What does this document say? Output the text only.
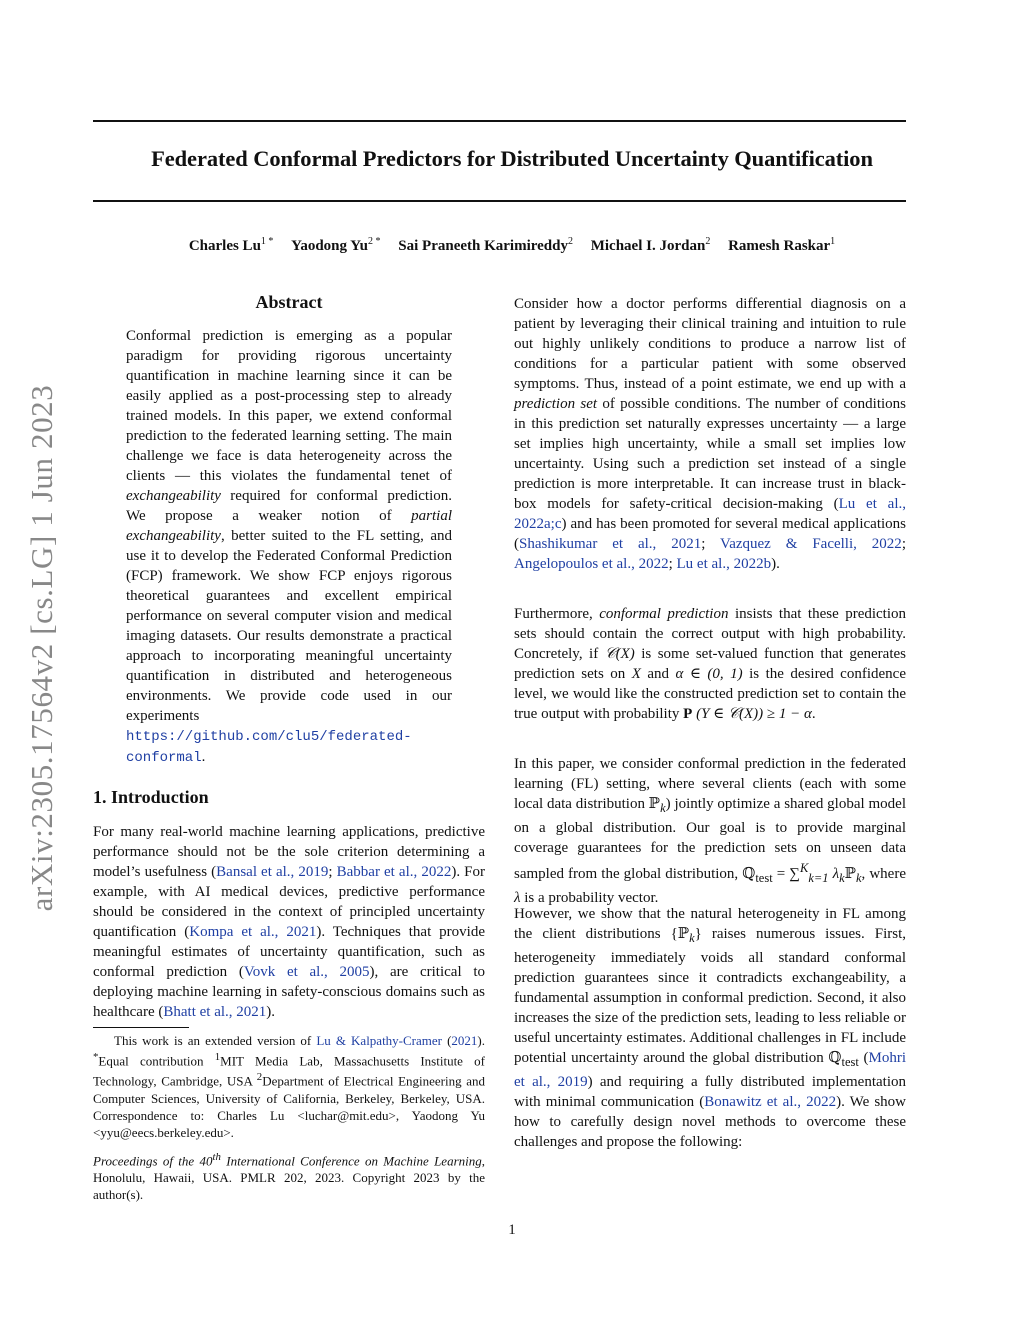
Federated Conformal Predictors for Distributed Uncertainty Quantification
Charles $Lu^{1 *}$ Yaodong $Yu^{2 *}$ Sai Praneeth Karimireddy$^2$ Michael I. Jordan$^2$ Ramesh Raskar$^1$
arXiv:2305.17564v2 [cs.LG] 1 Jun 2023
Abstract

Conformal prediction is emerging as a popular paradigm for providing rigorous uncertainty quantification in machine learning since it can be easily applied as a post-processing step to already trained models. In this paper, we extend conformal prediction to the federated learning setting. The main challenge we face is data heterogeneity across the clients — this violates the fundamental tenet of exchangeability required for conformal prediction. We propose a weaker notion of partial exchangeability, better suited to the FL setting, and use it to develop the Federated Conformal Prediction (FCP) framework. We show FCP enjoys rigorous theoretical guarantees and excellent empirical performance on several computer vision and medical imaging datasets. Our results demonstrate a practical approach to incorporating meaningful uncertainty quantification in distributed and heterogeneous environments. We provide code used in our experiments https://github.com/clu5/federated-conformal.

1. Introduction

For many real-world machine learning applications, predictive performance should not be the sole criterion determining a model’s usefulness (Bansal et al., 2019; Babbar et al., 2022). For example, with AI medical devices, predictive performance should be considered in the context of principled uncertainty quantification (Kompa et al., 2021). Techniques that provide meaningful estimates of uncertainty quantification, such as conformal prediction (Vovk et al., 2005), are critical to deploying machine learning in safety-conscious domains such as healthcare (Bhatt et al., 2021).

This work is an extended version of Lu & Kalpathy-Cramer (2021). *Equal contribution $^1$MIT Media Lab, Massachusetts Institute of Technology, Cambridge, USA $^2$Department of Electrical Engineering and Computer Sciences, University of California, Berkeley, Berkeley, USA. Correspondence to: Charles Lu <luchar@mit.edu>, Yaodong Yu <yyu@eecs.berkeley.edu>.

Proceedings of the 40th International Conference on Machine Learning, Honolulu, Hawaii, USA. PMLR 202, 2023. Copyright 2023 by the author(s).

Consider how a doctor performs differential diagnosis on a patient by leveraging their clinical training and intuition to rule out highly unlikely conditions to produce a narrow list of conditions for a particular patient with some observed symptoms. Thus, instead of a point estimate, we end up with a prediction set of possible conditions. The number of conditions in this prediction set naturally expresses uncertainty — a large set implies high uncertainty, while a small set implies low uncertainty. Using such a prediction set instead of a single prediction is more interpretable. It can increase trust in black-box models for safety-critical decision-making (Lu et al., 2022a;c) and has been promoted for several medical applications (Shashikumar et al., 2021; Vazquez & Facelli, 2022; Angelopoulos et al., 2022; Lu et al., 2022b).

Furthermore, conformal prediction insists that these prediction sets should contain the correct output with high probability. Concretely, if 𝒞(X) is some set-valued function that generates prediction sets on X and α ∈ (0, 1) is the desired confidence level, we would like the constructed prediction set to contain the true output with probability P (Y ∈ 𝒞(X)) ≥ 1 − α.

In this paper, we consider conformal prediction in the federated learning (FL) setting, where several clients (each with some local data distribution ℙ$_k$) jointly optimize a shared global model on a global distribution. Our goal is to provide marginal coverage guarantees for the prediction sets on unseen data sampled from the global distribution, ℚ$_{test}$ = ∑$^K_{k=1}$ $\lambda_kℙ_k$, where λ is a probability vector.

However, we show that the natural heterogeneity in FL among the client distributions {ℙ$_k$} raises numerous issues. First, heterogeneity immediately voids all standard conformal prediction guarantees since it contradicts exchangeability, a fundamental assumption in conformal prediction. Second, it also increases the size of the prediction sets, leading to less reliable or useful uncertainty estimates. Additional challenges in FL include potential uncertainty around the global distribution ℚ$_{test}$ (Mohri et al., 2019) and requiring a fully distributed implementation with minimal communication (Bonawitz et al., 2022). We show how to carefully design novel methods to overcome these challenges and propose the following:

1
